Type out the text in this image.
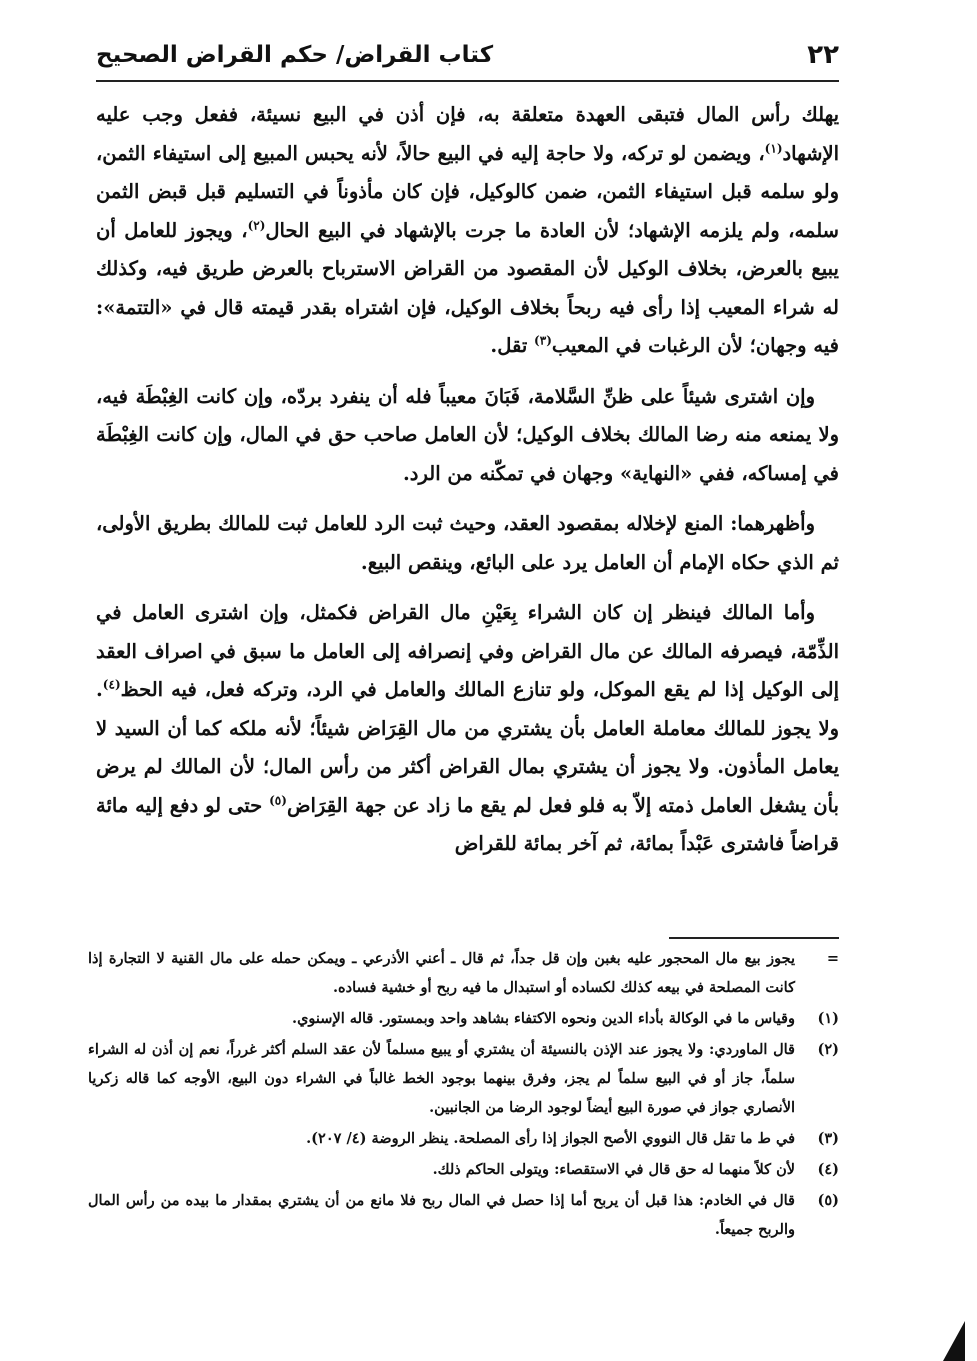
٢٢
كتاب القراض/ حكم القراض الصحيح

يهلك رأس المال فتبقى العهدة متعلقة به، فإن أذن في البيع نسيئة، ففعل وجب عليه الإشهاد$^{(١)}$، ويضمن لو تركه، ولا حاجة إليه في البيع حالاً، لأنه يحبس المبيع إلى استيفاء الثمن، ولو سلمه قبل استيفاء الثمن، ضمن كالوكيل، فإن كان مأذوناً في التسليم قبل قبض الثمن سلمه، ولم يلزمه الإشهاد؛ لأن العادة ما جرت بالإشهاد في البيع الحال$^{(٢)}$، ويجوز للعامل أن يبيع بالعرض، بخلاف الوكيل لأن المقصود من القراض الاسترباح بالعرض طريق فيه، وكذلك له شراء المعيب إذا رأى فيه ربحاً بخلاف الوكيل، فإن اشتراه بقدر قيمته قال في «التتمة»: فيه وجهان؛ لأن الرغبات في المعيب$^{(٣)}$ تقل.

وإن اشترى شيئاً على ظنِّ السَّلامة، فَبَانَ معيباً فله أن ينفرد بردّه، وإن كانت الغِبْطَة فيه، ولا يمنعه منه رضا المالك بخلاف الوكيل؛ لأن العامل صاحب حق في المال، وإن كانت الغِبْطَة في إمساكه، ففي «النهاية» وجهان في تمكّنه من الرد.

وأظهرهما: المنع لإخلاله بمقصود العقد، وحيث ثبت الرد للعامل ثبت للمالك بطريق الأولى، ثم الذي حكاه الإمام أن العامل يرد على البائع، وينقص البيع.

وأما المالك فينظر إن كان الشراء بِعَيْنِ مال القراض فكمثل، وإن اشترى العامل في الذِّمّة، فيصرفه المالك عن مال القراض وفي إنصرافه إلى العامل ما سبق في اصراف العقد إلى الوكيل إذا لم يقع الموكل، ولو تنازع المالك والعامل في الرد، وتركه فعل، فيه الحظ$^{(٤)}$. ولا يجوز للمالك معاملة العامل بأن يشتري من مال القِرَاض شيئاً؛ لأنه ملكه كما أن السيد لا يعامل المأذون. ولا يجوز أن يشتري بمال القراض أكثر من رأس المال؛ لأن المالك لم يرض بأن يشغل العامل ذمته إلاّ به فلو فعل لم يقع ما زاد عن جهة القِرَاض$^{(٥)}$ حتى لو دفع إليه مائة قراضاً فاشترى عَبْداً بمائة، ثم آخر بمائة للقراض

=
يجوز بيع مال المحجور عليه بغبن وإن قل جداً، ثم قال ـ أعني الأذرعي ـ ويمكن حمله على مال القنية لا التجارة إذا كانت المصلحة في بيعه كذلك لكساده أو استبدال ما فيه ربح أو خشية فساده.
(١)
وقياس ما في الوكالة بأداء الدين ونحوه الاكتفاء بشاهد واحد وبمستور. قاله الإسنوي.
(٢)
قال الماوردي: ولا يجوز عند الإذن بالنسيئة أن يشتري أو يبيع مسلماً لأن عقد السلم أكثر غرراً، نعم إن أذن له الشراء سلماً، جاز أو في البيع سلماً لم يجز، وفرق بينهما بوجود الخط غالباً في الشراء دون البيع، الأوجه كما قاله زكريا الأنصاري جواز في صورة البيع أيضاً لوجود الرضا من الجانبين.
(٣)
في ط ما تقل قال النووي الأصح الجواز إذا رأى المصلحة. ينظر الروضة (٤/ ٢٠٧).
(٤)
لأن كلاً منهما له حق قال في الاستقصاء: ويتولى الحاكم ذلك.
(٥)
قال في الخادم: هذا قبل أن يربح أما إذا حصل في المال ربح فلا مانع من أن يشتري بمقدار ما بيده من رأس المال والربح جميعاً.
